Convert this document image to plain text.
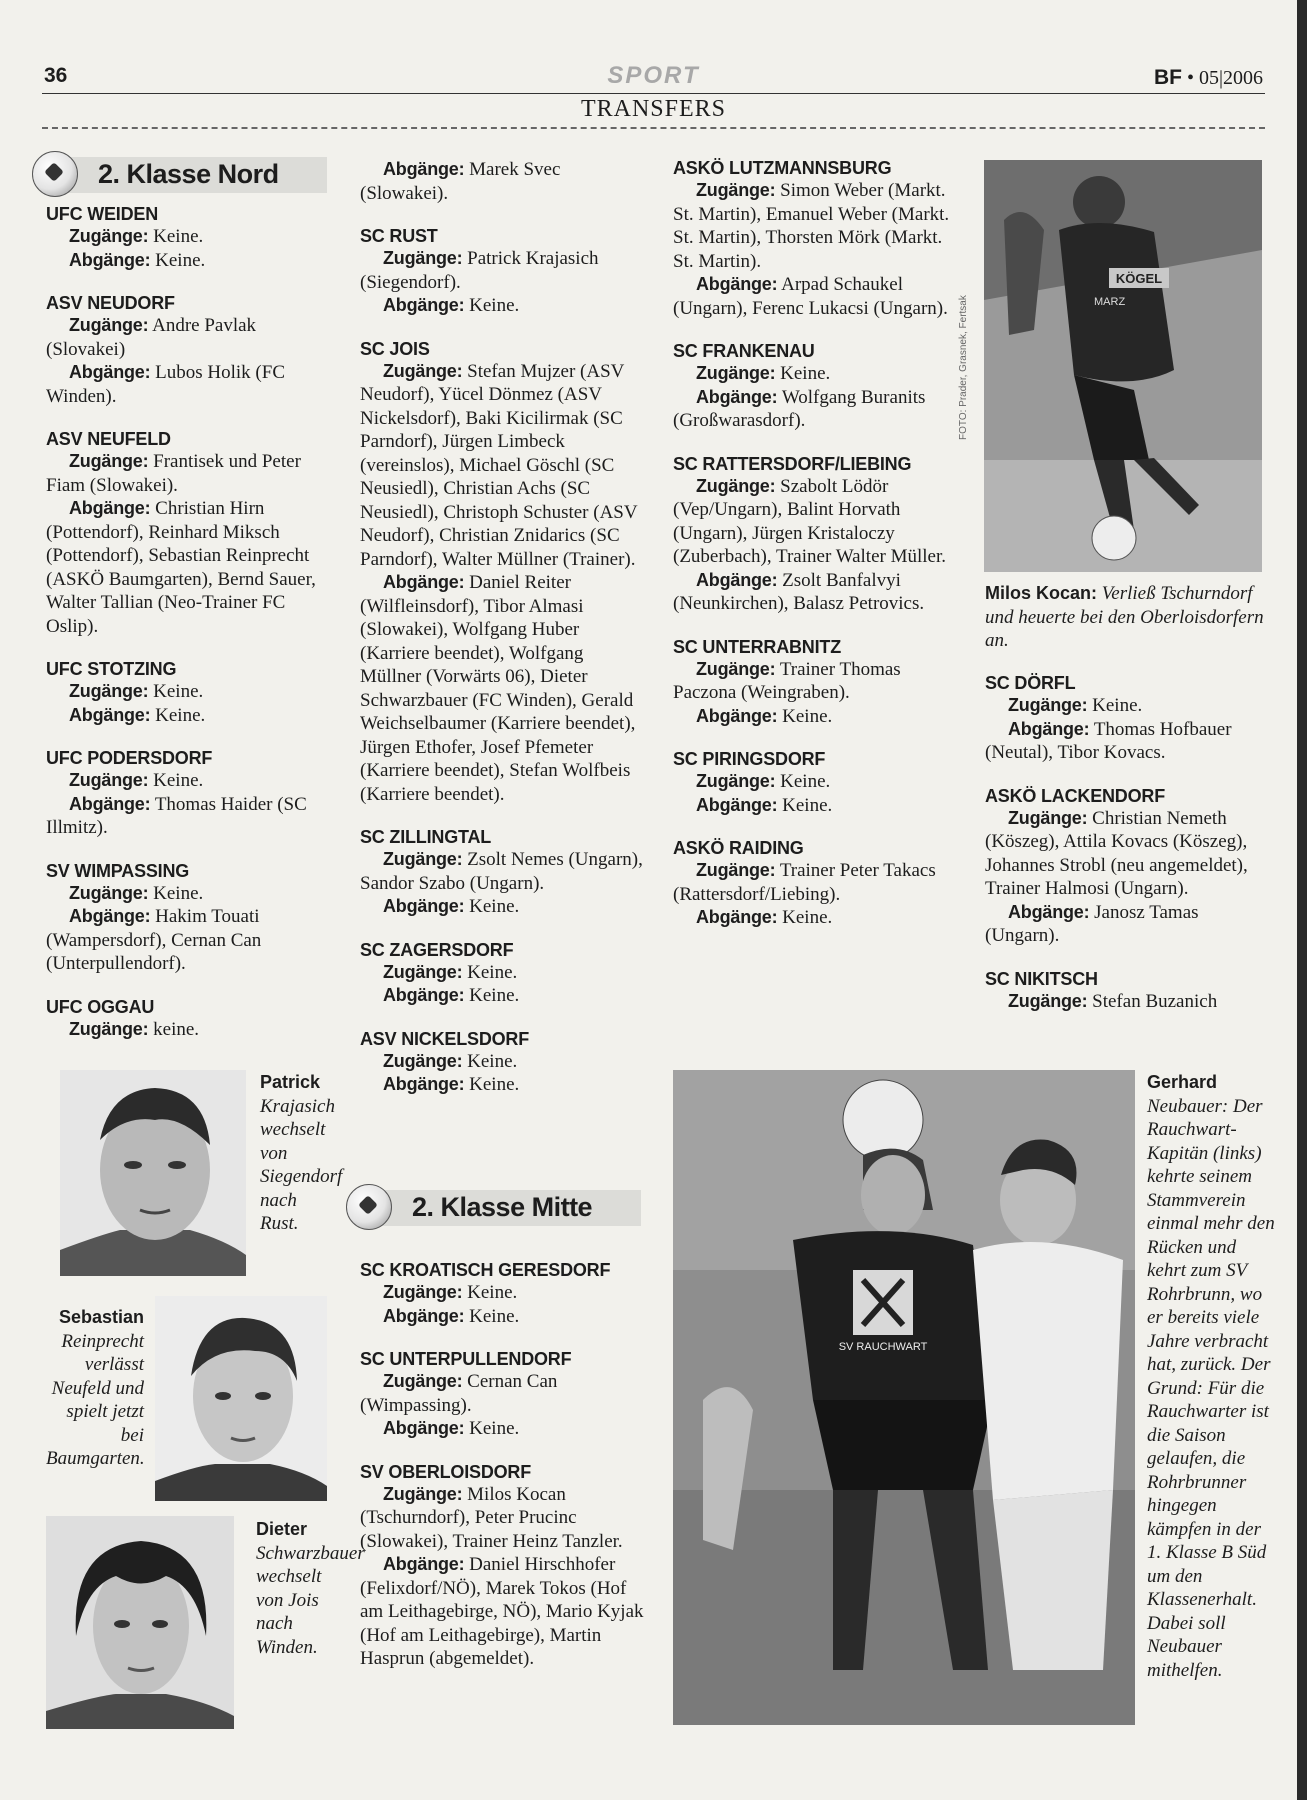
36	SPORT	BF • 05|2006
TRANSFERS
2. Klasse Nord
UFC WEIDEN
Zugänge: Keine.
Abgänge: Keine.
ASV NEUDORF
Zugänge: Andre Pavlak (Slovakei)
Abgänge: Lubos Holik (FC Winden).
ASV NEUFELD
Zugänge: Frantisek und Peter Fiam (Slowakei).
Abgänge: Christian Hirn (Pottendorf), Reinhard Miksch (Pottendorf), Sebastian Reinprecht (ASKÖ Baumgarten), Bernd Sauer, Walter Tallian (Neo-Trainer FC Oslip).
UFC STOTZING
Zugänge: Keine.
Abgänge: Keine.
UFC PODERSDORF
Zugänge: Keine.
Abgänge: Thomas Haider (SC Illmitz).
SV WIMPASSING
Zugänge: Keine.
Abgänge: Hakim Touati (Wampersdorf), Cernan Can (Unterpullendorf).
UFC OGGAU
Zugänge: keine.
Abgänge: Marek Svec (Slowakei).
SC RUST
Zugänge: Patrick Krajasich (Siegendorf).
Abgänge: Keine.
SC JOIS
Zugänge: Stefan Mujzer (ASV Neudorf), Yücel Dönmez (ASV Nickelsdorf), Baki Kicilirmak (SC Parndorf), Jürgen Limbeck (vereinslos), Michael Göschl (SC Neusiedl), Christian Achs (SC Neusiedl), Christoph Schuster (ASV Neudorf), Christian Znidarics (SC Parndorf), Walter Müllner (Trainer).
Abgänge: Daniel Reiter (Wilfleinsdorf), Tibor Almasi (Slowakei), Wolfgang Huber (Karriere beendet), Wolfgang Müllner (Vorwärts 06), Dieter Schwarzbauer (FC Winden), Gerald Weichselbaumer (Karriere beendet), Jürgen Ethofer, Josef Pfemeter (Karriere beendet), Stefan Wolfbeis (Karriere beendet).
SC ZILLINGTAL
Zugänge: Zsolt Nemes (Ungarn), Sandor Szabo (Ungarn).
Abgänge: Keine.
SC ZAGERSDORF
Zugänge: Keine.
Abgänge: Keine.
ASV NICKELSDORF
Zugänge: Keine.
Abgänge: Keine.
2. Klasse Mitte
SC KROATISCH GERESDORF
Zugänge: Keine.
Abgänge: Keine.
SC UNTERPULLENDORF
Zugänge: Cernan Can (Wimpassing).
Abgänge: Keine.
SV OBERLOISDORF
Zugänge: Milos Kocan (Tschurndorf), Peter Prucinc (Slowakei), Trainer Heinz Tanzler.
Abgänge: Daniel Hirschhofer (Felixdorf/NÖ), Marek Tokos (Hof am Leithagebirge, NÖ), Mario Kyjak (Hof am Leithagebirge), Martin Hasprun (abgemeldet).
ASKÖ LUTZMANNSBURG
Zugänge: Simon Weber (Markt. St. Martin), Emanuel Weber (Markt. St. Martin), Thorsten Mörk (Markt. St. Martin).
Abgänge: Arpad Schaukel (Ungarn), Ferenc Lukacsi (Ungarn).
SC FRANKENAU
Zugänge: Keine.
Abgänge: Wolfgang Buranits (Großwarasdorf).
SC RATTERSDORF/LIEBING
Zugänge: Szabolt Lödör (Vep/Ungarn), Balint Horvath (Ungarn), Jürgen Kristaloczy (Zuberbach), Trainer Walter Müller.
Abgänge: Zsolt Banfalvyi (Neunkirchen), Balasz Petrovics.
SC UNTERRABNITZ
Zugänge: Trainer Thomas Paczona (Weingraben).
Abgänge: Keine.
SC PIRINGSDORF
Zugänge: Keine.
Abgänge: Keine.
ASKÖ RAIDING
Zugänge: Trainer Peter Takacs (Rattersdorf/Liebing).
Abgänge: Keine.
SC DÖRFL
Zugänge: Keine.
Abgänge: Thomas Hofbauer (Neutal), Tibor Kovacs.
ASKÖ LACKENDORF
Zugänge: Christian Nemeth (Köszeg), Attila Kovacs (Köszeg), Johannes Strobl (neu angemeldet), Trainer Halmosi (Ungarn).
Abgänge: Janosz Tamas (Ungarn).
SC NIKITSCH
Zugänge: Stefan Buzanich
KÖGEL
MARZ
FOTO: Prader, Grasnek, Fertsak
Milos Kocan: Verließ Tschurndorf und heuerte bei den Oberloisdorfern an.
Patrick
Krajasich wechselt von Siegendorf nach Rust.
Sebastian
Reinprecht verlässt Neufeld und spielt jetzt bei Baumgarten.
Dieter
Schwarzbauer wechselt von Jois nach Winden.
SV RAUCHWART
Gerhard Neubauer: Der Rauchwart-Kapitän (links) kehrte seinem Stammverein einmal mehr den Rücken und kehrt zum SV Rohrbrunn, wo er bereits viele Jahre verbracht hat, zurück. Der Grund: Für die Rauchwarter ist die Saison gelaufen, die Rohrbrunner hingegen kämpfen in der 1. Klasse B Süd um den Klassenerhalt. Dabei soll Neubauer mithelfen.
